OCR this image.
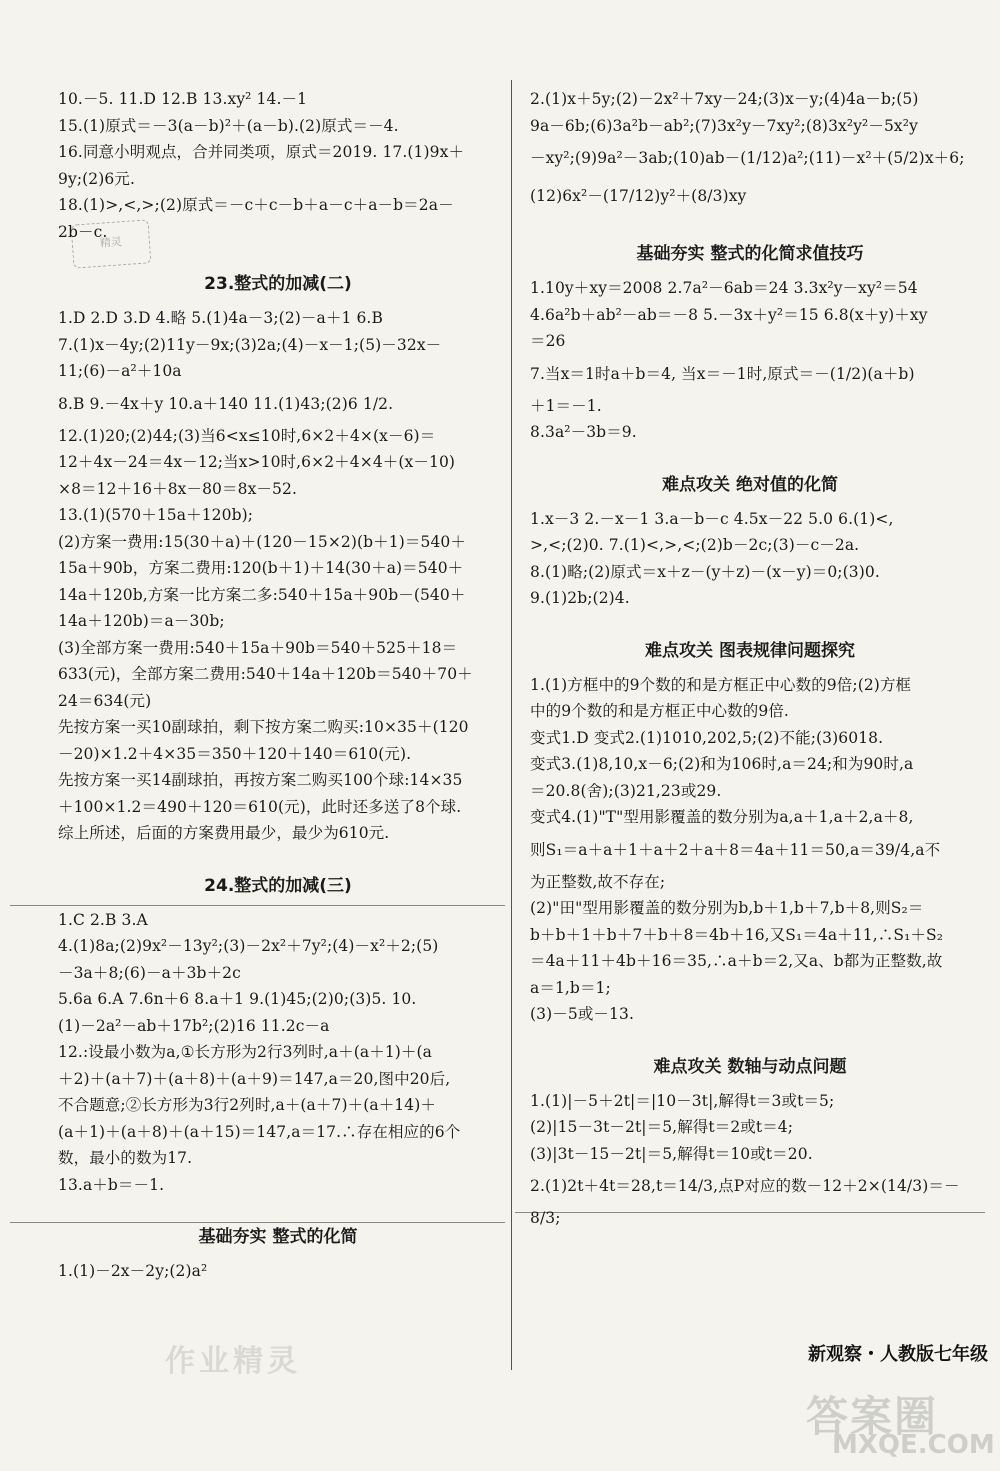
精灵
10.－5. 11.D 12.B 13.xy² 14.－1
15.(1)原式＝－3(a－b)²＋(a－b).(2)原式＝－4.
16.同意小明观点，合并同类项，原式＝2019. 17.(1)9x＋
9y;(2)6元.
18.(1)>,<,>;(2)原式＝－c＋c－b＋a－c＋a－b＝2a－
2b－c.
23.整式的加减(二)
1.D 2.D 3.D 4.略 5.(1)4a－3;(2)－a＋1 6.B
7.(1)x－4y;(2)11y－9x;(3)2a;(4)－x－1;(5)－32x－
11;(6)－a²＋10a
8.B 9.－4x＋y 10.a＋140 11.(1)43;(2)6 1/2.
12.(1)20;(2)44;(3)当6<x≤10时,6×2＋4×(x－6)＝
12＋4x－24＝4x－12;当x>10时,6×2＋4×4＋(x－10)
×8＝12＋16＋8x－80＝8x－52.
13.(1)(570＋15a＋120b);
(2)方案一费用:15(30＋a)＋(120－15×2)(b＋1)＝540＋
15a＋90b，方案二费用:120(b＋1)＋14(30＋a)＝540＋
14a＋120b,方案一比方案二多:540＋15a＋90b－(540＋
14a＋120b)＝a－30b;
(3)全部方案一费用:540＋15a＋90b＝540＋525＋18＝
633(元)，全部方案二费用:540＋14a＋120b＝540＋70＋
24＝634(元)
先按方案一买10副球拍，剩下按方案二购买:10×35＋(120
－20)×1.2＋4×35＝350＋120＋140＝610(元).
先按方案一买14副球拍，再按方案二购买100个球:14×35
＋100×1.2＝490＋120＝610(元)，此时还多送了8个球.
综上所述，后面的方案费用最少，最少为610元.
24.整式的加减(三)
1.C 2.B 3.A
4.(1)8a;(2)9x²－13y²;(3)－2x²＋7y²;(4)－x²＋2;(5)
－3a＋8;(6)－a＋3b＋2c
5.6a 6.A 7.6n＋6 8.a＋1 9.(1)45;(2)0;(3)5. 10.
(1)－2a²－ab＋17b²;(2)16 11.2c－a
12.:设最小数为a,①长方形为2行3列时,a＋(a＋1)＋(a
＋2)＋(a＋7)＋(a＋8)＋(a＋9)＝147,a＝20,图中20后,
不合题意;②长方形为3行2列时,a＋(a＋7)＋(a＋14)＋
(a＋1)＋(a＋8)＋(a＋15)＝147,a＝17.∴存在相应的6个
数，最小的数为17.
13.a＋b＝－1.
基础夯实 整式的化简
1.(1)－2x－2y;(2)a²
2.(1)x＋5y;(2)－2x²＋7xy－24;(3)x－y;(4)4a－b;(5)
9a－6b;(6)3a²b－ab²;(7)3x²y－7xy²;(8)3x²y²－5x²y
－xy²;(9)9a²－3ab;(10)ab－(1/12)a²;(11)－x²＋(5/2)x＋6;
(12)6x²－(17/12)y²＋(8/3)xy
基础夯实 整式的化简求值技巧
1.10y＋xy＝2008 2.7a²－6ab＝24 3.3x²y－xy²＝54
4.6a²b＋ab²－ab＝－8 5.－3x＋y²＝15 6.8(x＋y)＋xy
＝26
7.当x＝1时a＋b＝4, 当x＝－1时,原式＝－(1/2)(a＋b)
＋1＝－1.
8.3a²－3b＝9.
难点攻关 绝对值的化简
1.x－3 2.－x－1 3.a－b－c 4.5x－22 5.0 6.(1)<,
>,<;(2)0. 7.(1)<,>,<;(2)b－2c;(3)－c－2a.
8.(1)略;(2)原式＝x＋z－(y＋z)－(x－y)＝0;(3)0.
9.(1)2b;(2)4.
难点攻关 图表规律问题探究
1.(1)方框中的9个数的和是方框正中心数的9倍;(2)方框
中的9个数的和是方框正中心数的9倍.
变式1.D 变式2.(1)1010,202,5;(2)不能;(3)6018.
变式3.(1)8,10,x－6;(2)和为106时,a＝24;和为90时,a
＝20.8(舍);(3)21,23或29.
变式4.(1)"T"型用影覆盖的数分别为a,a＋1,a＋2,a＋8,
则S₁＝a＋a＋1＋a＋2＋a＋8＝4a＋11＝50,a＝39/4,a不
为正整数,故不存在;
(2)"田"型用影覆盖的数分别为b,b＋1,b＋7,b＋8,则S₂＝
b＋b＋1＋b＋7＋b＋8＝4b＋16,又S₁＝4a＋11,∴S₁＋S₂
＝4a＋11＋4b＋16＝35,∴a＋b＝2,又a、b都为正整数,故
a＝1,b＝1;
(3)－5或－13.
难点攻关 数轴与动点问题
1.(1)|－5＋2t|＝|10－3t|,解得t＝3或t＝5;
(2)|15－3t－2t|＝5,解得t＝2或t＝4;
(3)|3t－15－2t|＝5,解得t＝10或t＝20.
2.(1)2t＋4t＝28,t＝14/3,点P对应的数－12＋2×(14/3)＝－
8/3;
新观察・人教版七年级
作业精灵
答案圈
MXQE.COM
